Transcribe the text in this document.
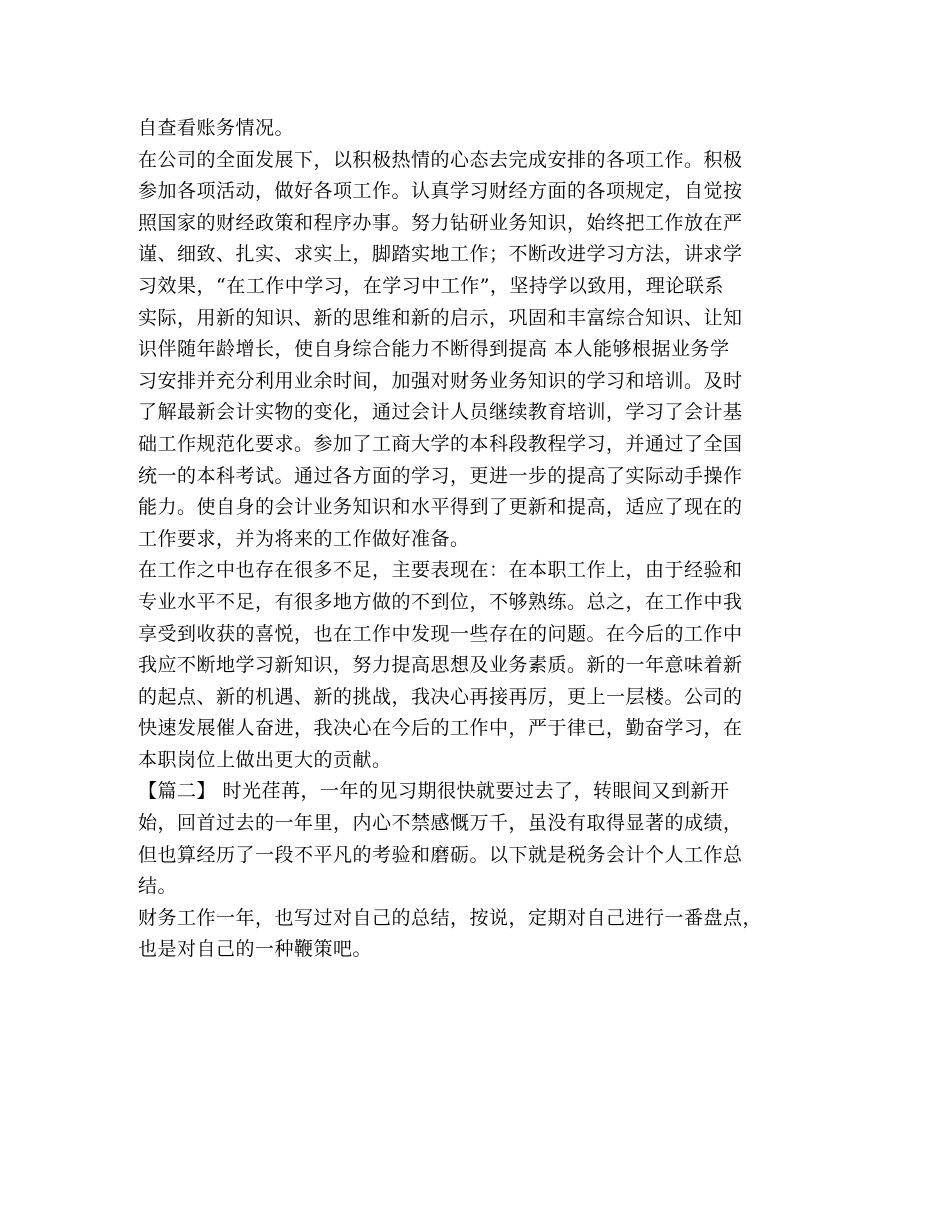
自查看账务情况。
在公司的全面发展下，以积极热情的心态去完成安排的各项工作。积极
参加各项活动，做好各项工作。认真学习财经方面的各项规定，自觉按
照国家的财经政策和程序办事。努力钻研业务知识，始终把工作放在严
谨、细致、扎实、求实上，脚踏实地工作；不断改进学习方法，讲求学
习效果，“在工作中学习，在学习中工作”，坚持学以致用，理论联系
实际，用新的知识、新的思维和新的启示，巩固和丰富综合知识、让知
识伴随年龄增长，使自身综合能力不断得到提高 本人能够根据业务学
习安排并充分利用业余时间，加强对财务业务知识的学习和培训。及时
了解最新会计实物的变化，通过会计人员继续教育培训，学习了会计基
础工作规范化要求。参加了工商大学的本科段教程学习，并通过了全国
统一的本科考试。通过各方面的学习，更进一步的提高了实际动手操作
能力。使自身的会计业务知识和水平得到了更新和提高，适应了现在的
工作要求，并为将来的工作做好准备。
在工作之中也存在很多不足，主要表现在：在本职工作上，由于经验和
专业水平不足，有很多地方做的不到位，不够熟练。总之，在工作中我
享受到收获的喜悦，也在工作中发现一些存在的问题。在今后的工作中
我应不断地学习新知识，努力提高思想及业务素质。新的一年意味着新
的起点、新的机遇、新的挑战，我决心再接再厉，更上一层楼。公司的
快速发展催人奋进，我决心在今后的工作中，严于律已，勤奋学习，在
本职岗位上做出更大的贡献。
【篇二】 时光荏苒，一年的见习期很快就要过去了，转眼间又到新开
始，回首过去的一年里，内心不禁感慨万千，虽没有取得显著的成绩，
但也算经历了一段不平凡的考验和磨砺。以下就是税务会计个人工作总
结。
财务工作一年，也写过对自己的总结，按说，定期对自己进行一番盘点，
也是对自己的一种鞭策吧。
